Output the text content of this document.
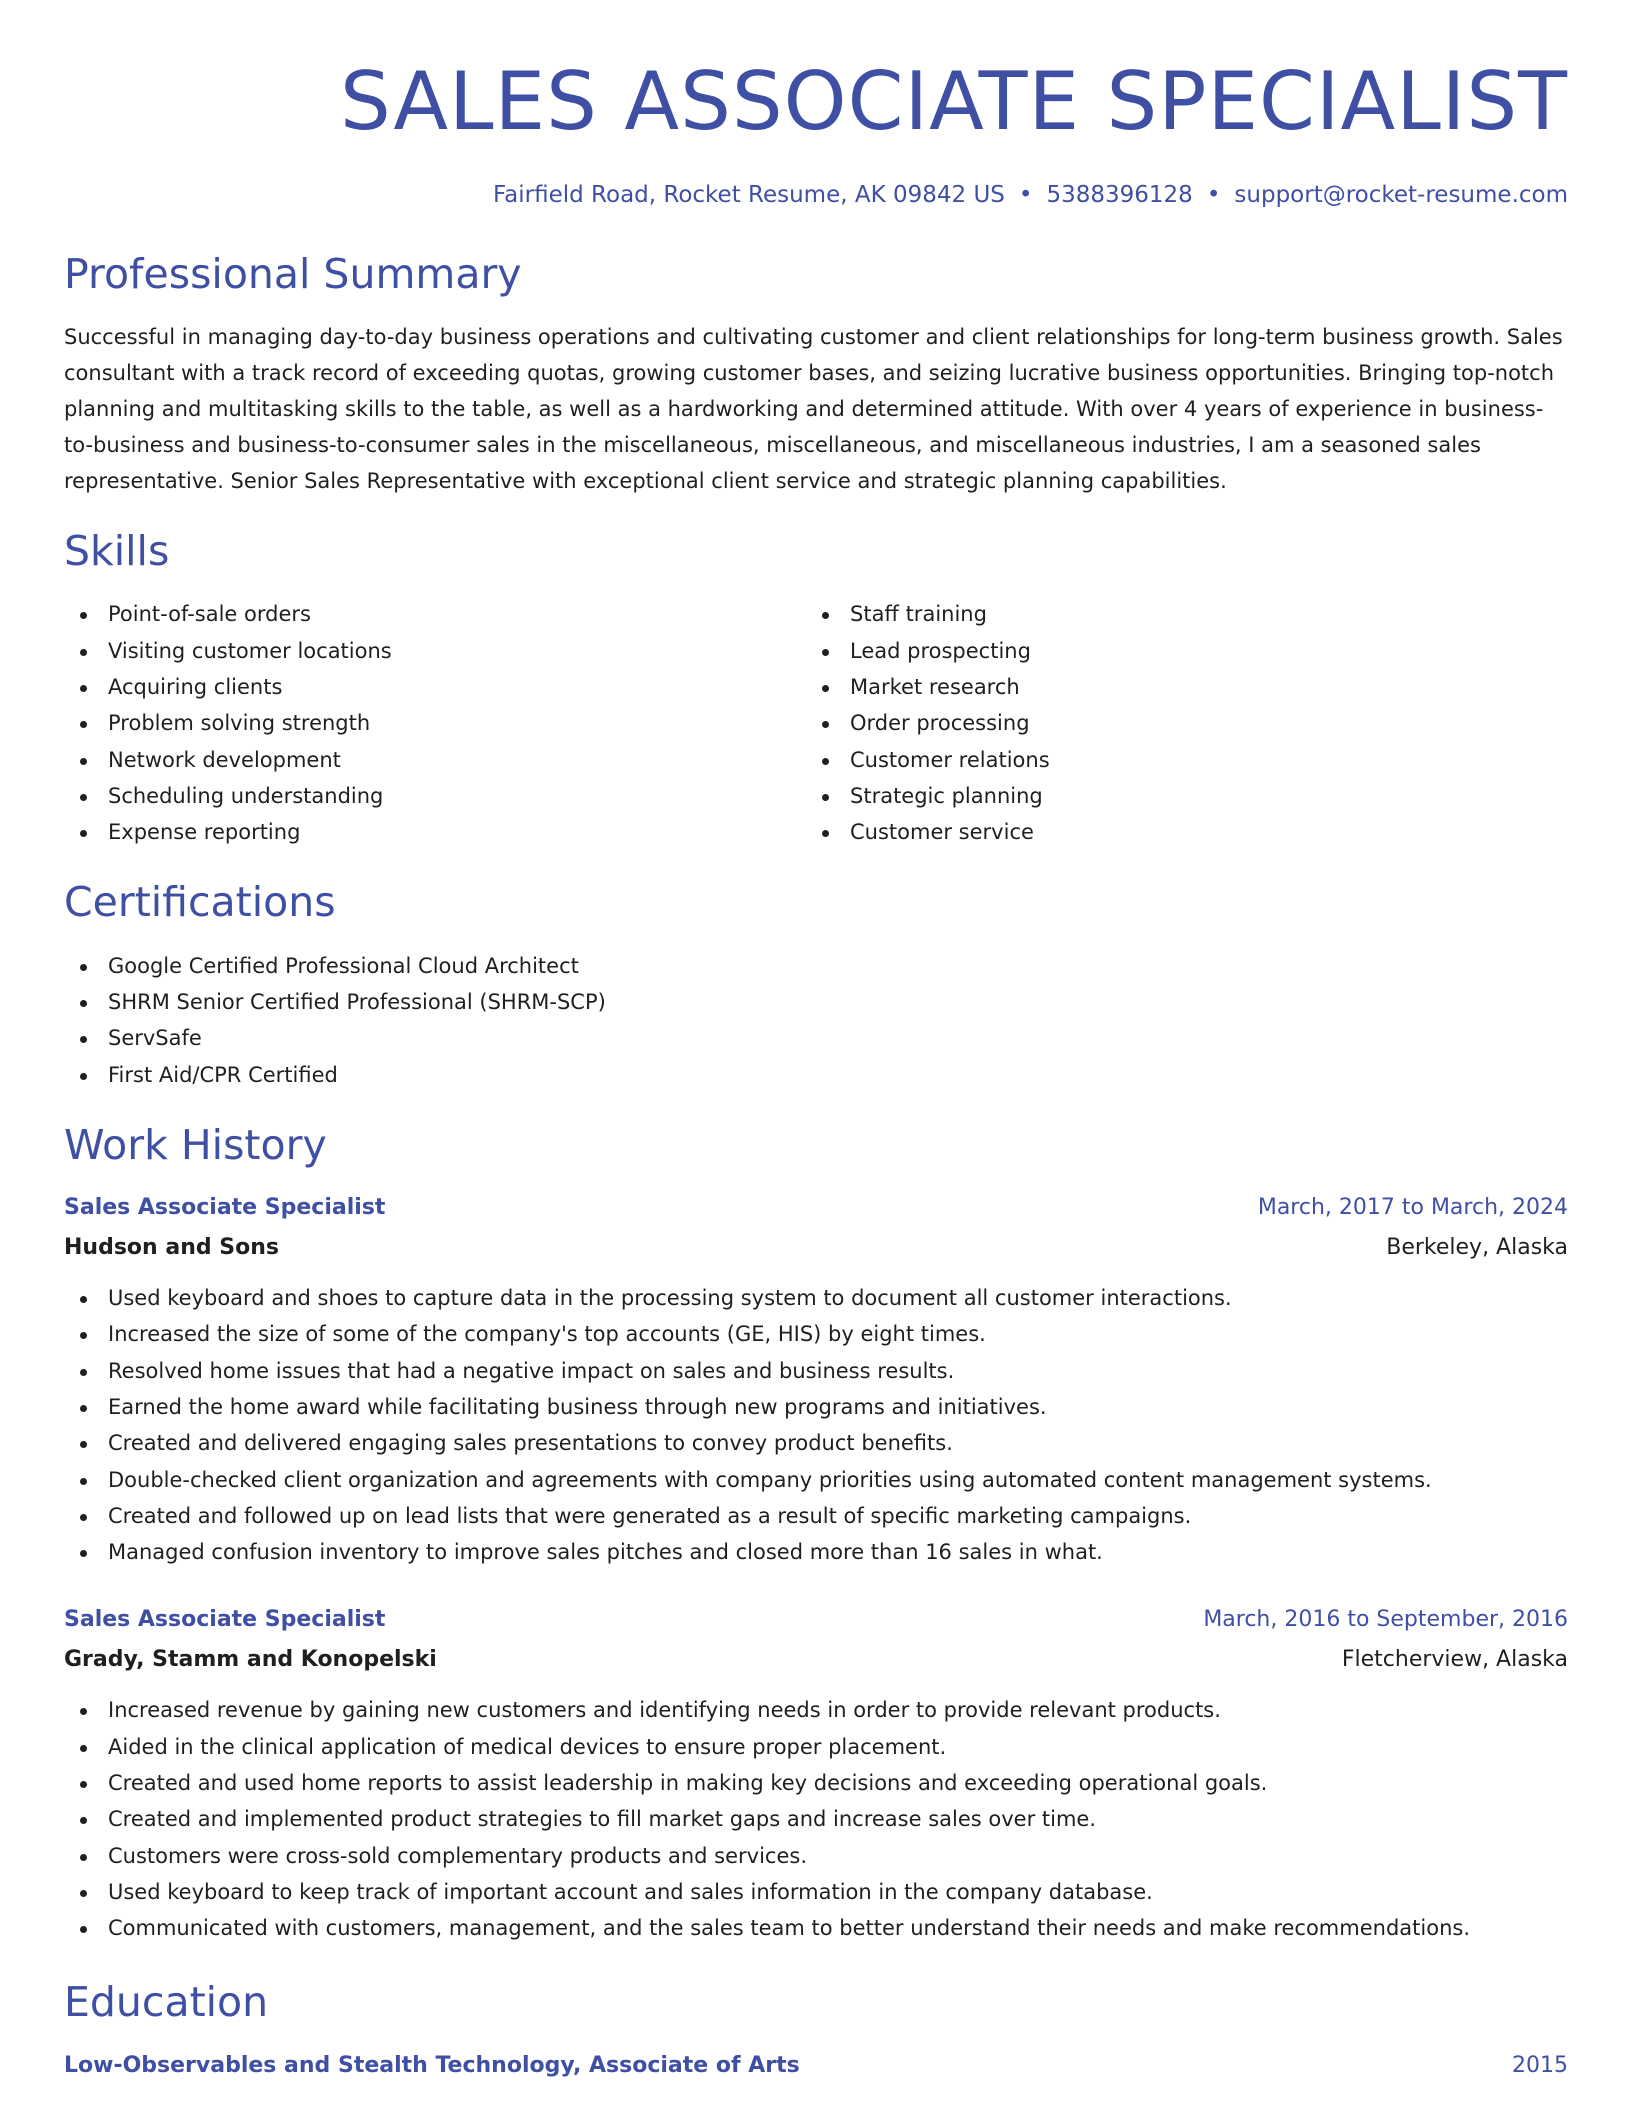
SALES ASSOCIATE SPECIALIST
Fairfield Road, Rocket Resume, AK 09842 US • 5388396128 • support@rocket-resume.com
Professional Summary

Successful in managing day-to-day business operations and cultivating customer and client relationships for long-term business growth. Sales consultant with a track record of exceeding quotas, growing customer bases, and seizing lucrative business opportunities. Bringing top-notch planning and multitasking skills to the table, as well as a hardworking and determined attitude. With over 4 years of experience in business-to-business and business-to-consumer sales in the miscellaneous, miscellaneous, and miscellaneous industries, I am a seasoned sales representative. Senior Sales Representative with exceptional client service and strategic planning capabilities.

Skills
Point-of-sale orders
Visiting customer locations
Acquiring clients
Problem solving strength
Network development
Scheduling understanding
Expense reporting
Staff training
Lead prospecting
Market research
Order processing
Customer relations
Strategic planning
Customer service
Certifications
Google Certified Professional Cloud Architect
SHRM Senior Certified Professional (SHRM-SCP)
ServSafe
First Aid/CPR Certified
Work History
Sales Associate Specialist	March, 2017 to March, 2024
Hudson and Sons	Berkeley, Alaska
Used keyboard and shoes to capture data in the processing system to document all customer interactions.
Increased the size of some of the company's top accounts (GE, HIS) by eight times.
Resolved home issues that had a negative impact on sales and business results.
Earned the home award while facilitating business through new programs and initiatives.
Created and delivered engaging sales presentations to convey product benefits.
Double-checked client organization and agreements with company priorities using automated content management systems.
Created and followed up on lead lists that were generated as a result of specific marketing campaigns.
Managed confusion inventory to improve sales pitches and closed more than 16 sales in what.
Sales Associate Specialist	March, 2016 to September, 2016
Grady, Stamm and Konopelski	Fletcherview, Alaska
Increased revenue by gaining new customers and identifying needs in order to provide relevant products.
Aided in the clinical application of medical devices to ensure proper placement.
Created and used home reports to assist leadership in making key decisions and exceeding operational goals.
Created and implemented product strategies to fill market gaps and increase sales over time.
Customers were cross-sold complementary products and services.
Used keyboard to keep track of important account and sales information in the company database.
Communicated with customers, management, and the sales team to better understand their needs and make recommendations.
Education
Low-Observables and Stealth Technology, Associate of Arts	2015
